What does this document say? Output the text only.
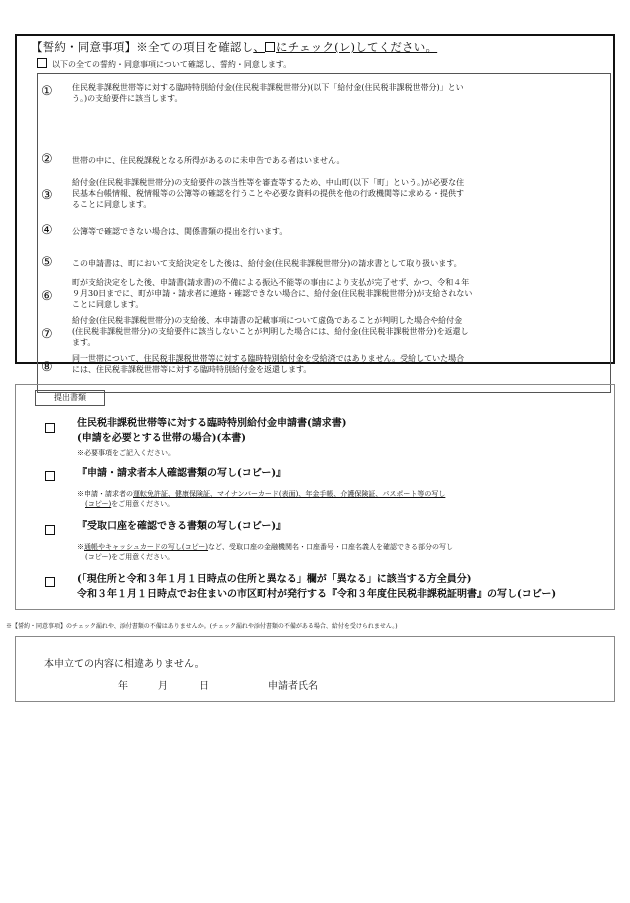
【誓約・同意事項】※全ての項目を確認し、 にチェック(レ)してください。
以下の全ての誓約・同意事項について確認し、誓約・同意します。
① 住民税非課税世帯等に対する臨時特別給付金(住民税非課税世帯分)(以下「給付金(住民税非課税世帯分)」とい
う。)の支給要件に該当します。
② 世帯の中に、住民税課税となる所得があるのに未申告である者はいません。
③
給付金(住民税非課税世帯分)の支給要件の該当性等を審査等するため、中山町(以下「町」という。)が必要な住
民基本台帳情報、税情報等の公簿等の確認を行うことや必要な資料の提供を他の行政機関等に求める・提供す
ることに同意します。
④ 公簿等で確認できない場合は、関係書類の提出を行います。
⑤ この申請書は、町において支給決定をした後は、給付金(住民税非課税世帯分)の請求書として取り扱います。
⑥
町が支給決定をした後、申請書(請求書)の不備による振込不能等の事由により支払が完了せず、かつ、令和４年
９月30日までに、町が申請・請求者に連絡・確認できない場合に、給付金(住民税非課税世帯分)が支給されない
ことに同意します。
⑦
給付金(住民税非課税世帯分)の支給後、本申請書の記載事項について虚偽であることが判明した場合や給付金
(住民税非課税世帯分)の支給要件に該当しないことが判明した場合には、給付金(住民税非課税世帯分)を返還し
ます。
⑧
同一世帯について、住民税非課税世帯等に対する臨時特別給付金を受給済ではありません。受給していた場合
には、住民税非課税世帯等に対する臨時特別給付金を返還します。
提出書類
住民税非課税世帯等に対する臨時特別給付金申請書(請求書)
(申請を必要とする世帯の場合)(本書)
※必要事項をご記入ください。
『申請・請求者本人確認書類の写し(コピー)』
※申請・請求者の運転免許証、健康保険証、マイナンバーカード(表面)、年金手帳、介護保険証、パスポート等の写し
(コピー)をご用意ください。
『受取口座を確認できる書類の写し(コピー)』
※通帳やキャッシュカードの写し(コピー)など、受取口座の金融機関名・口座番号・口座名義人を確認できる部分の写し
(コピー)をご用意ください。
(「現住所と令和３年１月１日時点の住所と異なる」欄が「異なる」に該当する方全員分)
令和３年１月１日時点でお住まいの市区町村が発行する『令和３年度住民税非課税証明書』の写し(コピー)
※【誓約・同意事項】のチェック漏れや、添付書類の不備はありませんか。(チェック漏れや添付書類の不備がある場合、給付を受けられません。)
本申立ての内容に相違ありません。
年	月	日	申請者氏名
